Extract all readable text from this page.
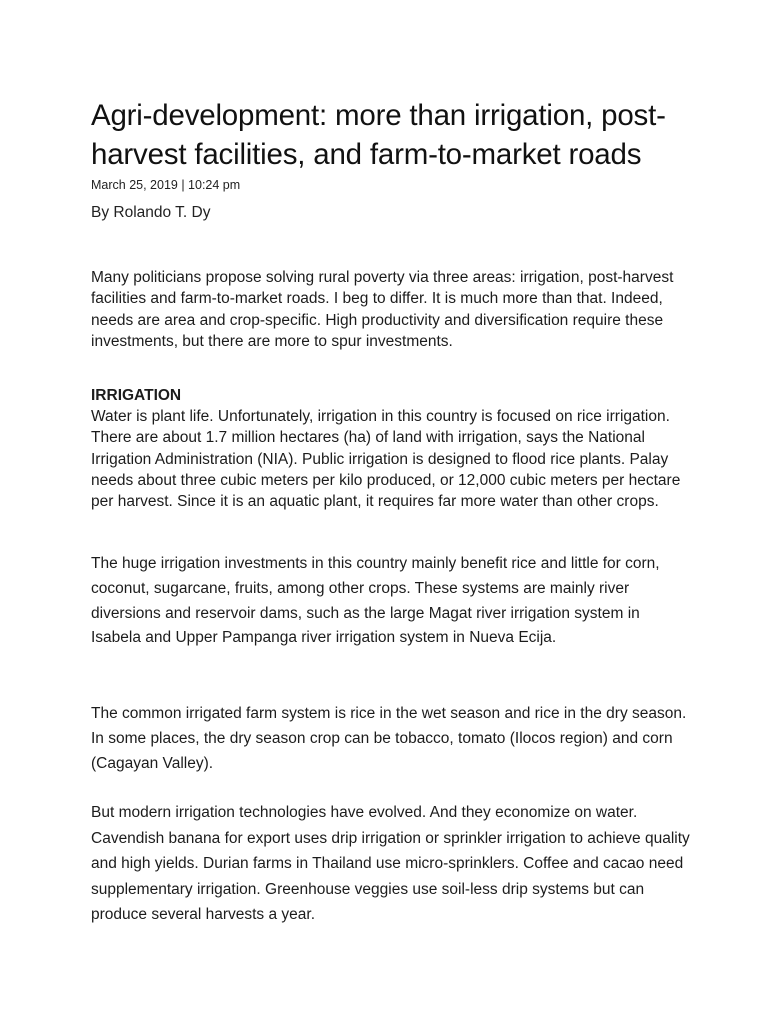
Agri-development: more than irrigation, post-harvest facilities, and farm-to-market roads
March 25, 2019 | 10:24 pm
By Rolando T. Dy

Many politicians propose solving rural poverty via three areas: irrigation, post-harvest facilities and farm-to-market roads. I beg to differ. It is much more than that. Indeed, needs are area and crop-specific. High productivity and diversification require these investments, but there are more to spur investments.

IRRIGATION

Water is plant life. Unfortunately, irrigation in this country is focused on rice irrigation. There are about 1.7 million hectares (ha) of land with irrigation, says the National Irrigation Administration (NIA). Public irrigation is designed to flood rice plants. Palay needs about three cubic meters per kilo produced, or 12,000 cubic meters per hectare per harvest. Since it is an aquatic plant, it requires far more water than other crops.

The huge irrigation investments in this country mainly benefit rice and little for corn, coconut, sugarcane, fruits, among other crops. These systems are mainly river diversions and reservoir dams, such as the large Magat river irrigation system in Isabela and Upper Pampanga river irrigation system in Nueva Ecija.

The common irrigated farm system is rice in the wet season and rice in the dry season. In some places, the dry season crop can be tobacco, tomato (Ilocos region) and corn (Cagayan Valley).

But modern irrigation technologies have evolved. And they economize on water. Cavendish banana for export uses drip irrigation or sprinkler irrigation to achieve quality and high yields. Durian farms in Thailand use micro-sprinklers. Coffee and cacao need supplementary irrigation. Greenhouse veggies use soil-less drip systems but can produce several harvests a year.
